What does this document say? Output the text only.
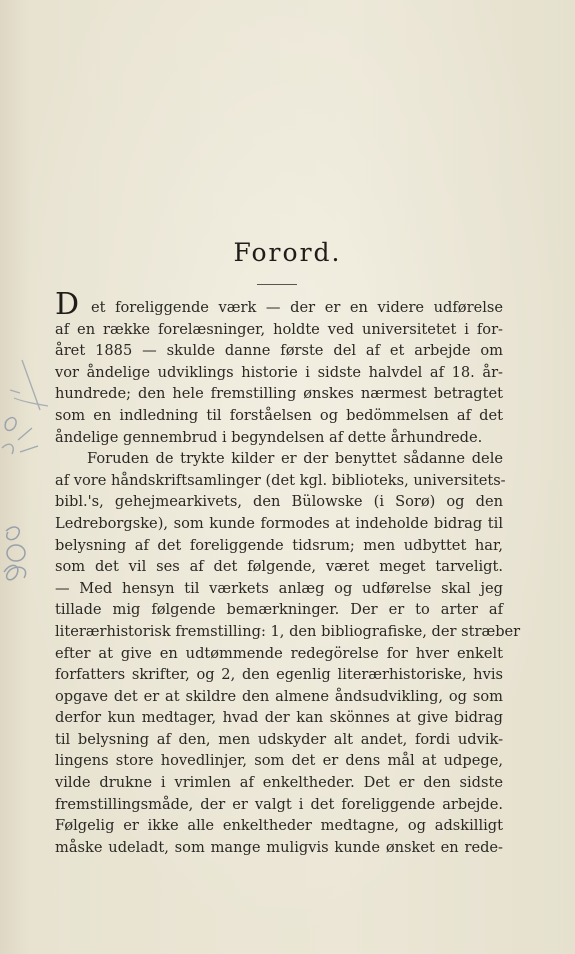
Forord.
D et foreliggende værk — der er en videre udførelse
af en række forelæsninger, holdte ved universitetet i for-
året 1885 — skulde danne første del af et arbejde om
vor åndelige udviklings historie i sidste halvdel af 18. år-
hundrede; den hele fremstilling ønskes nærmest betragtet
som en indledning til forståelsen og bedömmelsen af det
åndelige gennembrud i begyndelsen af dette århundrede.
Foruden de trykte kilder er der benyttet sådanne dele
af vore håndskriftsamlinger (det kgl. biblioteks, universitets-
bibl.'s, gehejmearkivets, den Bülowske (i Sorø) og den
Ledreborgske), som kunde formodes at indeholde bidrag til
belysning af det foreliggende tidsrum; men udbyttet har,
som det vil ses af det følgende, været meget tarveligt.
— Med hensyn til værkets anlæg og udførelse skal jeg
tillade mig følgende bemærkninger. Der er to arter af
literærhistorisk fremstilling: 1, den bibliografiske, der stræber
efter at give en udtømmende redegörelse for hver enkelt
forfatters skrifter, og 2, den egenlig literærhistoriske, hvis
opgave det er at skildre den almene åndsudvikling, og som
derfor kun medtager, hvad der kan skönnes at give bidrag
til belysning af den, men udskyder alt andet, fordi udvik-
lingens store hovedlinjer, som det er dens mål at udpege,
vilde drukne i vrimlen af enkeltheder. Det er den sidste
fremstillingsmåde, der er valgt i det foreliggende arbejde.
Følgelig er ikke alle enkeltheder medtagne, og adskilligt
måske udeladt, som mange muligvis kunde ønsket en rede-
